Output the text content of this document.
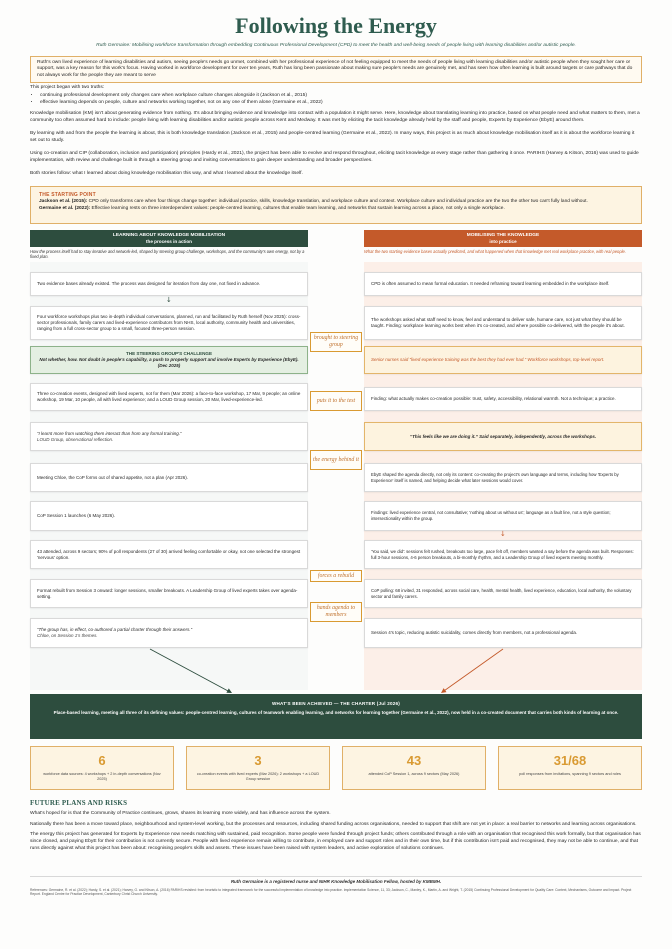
Following the Energy
Ruth Germaine: Mobilising workforce transformation through embedding Continuous Professional Development (CPD) to meet the health and well-being needs of people living with learning disabilities and/or autistic people.
Ruth's own lived experience of learning disabilities and autism, seeing people's needs go unmet, combined with her professional experience of not feeling equipped to meet the needs of people living with learning disabilities and/or autistic people when they sought her care or support, was a key reason for this work's focus. Having worked in workforce development for over ten years, Ruth has long been passionate about making sure people's needs are genuinely met, and has seen how often learning is built around targets or care pathways that do not always work for the people they are meant to serve

This project began with two truths:

• continuing professional development only changes care when workplace culture changes alongside it (Jackson et al., 2015)
• effective learning depends on people, culture and networks working together, not on any one of them alone (Germaine et al., 2022)

Knowledge mobilisation (KM) isn't about generating evidence from nothing. It's about bringing evidence and knowledge into contact with a population it might serve. Here, knowledge about translating learning into practice, based on what people need and what matters to them, met a community too often assumed hard to include: people living with learning disabilities and/or autistic people across Kent and Medway. It was met by eliciting the tacit knowledge already held by the staff and people, Experts by Experience (EbyE) around them.

By learning with and from the people the learning is about, this is both knowledge translation (Jackson et al., 2015) and people-centred learning (Germaine et al., 2022). In many ways, this project is as much about knowledge mobilisation itself as it is about the workforce learning it set out to study.

Using co-creation and CIP (collaboration, inclusion and participation) principles (Hardy et al., 2021), the project has been able to evolve and respond throughout, eliciting tacit knowledge at every stage rather than gathering it once. PARIHS (Harvey & Kitson, 2016) was used to guide implementation, with review and challenge built in through a steering group and inviting conversations to gain deeper understanding and broader perspectives.

Both stories follow: what I learned about doing knowledge mobilisation this way, and what I learned about the knowledge itself.

THE STARTING POINT
Jackson et al. (2015): CPD only transforms care when four things change together: individual practice, skills, knowledge translation, and workplace culture and context. Workplace culture and individual practice are the two the other two can't fully land without.
Germaine et al. (2022): Effective learning rests on three interdependent values: people-centred learning, cultures that enable team learning, and networks that sustain learning across a place, not only a single workplace.
LEARNING ABOUT KNOWLEDGE MOBILISATION
the process in action
MOBILISING THE KNOWLEDGE
into practice
How the process itself had to stay iterative and network-led, shaped by steering group challenge, workshops, and the community's own energy, not by a fixed plan.
What the two starting evidence bases actually predicted, and what happened when that knowledge met real workplace practice, with real people.
Two evidence bases already existed. The process was designed for iteration from day one, not fixed in advance.
↓
Four workforce workshops plus two in-depth individual conversations, planned, run and facilitated by Ruth herself (Nov 2025): cross-sector professionals, family carers and lived-experience contributors from NHS, local authority, community health and universities, ranging from a full cross-sector group to a small, focused three-person session.
THE STEERING GROUP'S CHALLENGE
Not whether, how. Not doubt in people's capability, a push to properly support and involve Experts by Experience (EbyE). (Dec 2025)
Three co-creation events, designed with lived experts, not for them (Mar 2026): a face-to-face workshop, 17 Mar, 9 people; an online workshop, 19 Mar, 10 people, all with lived experience; and a LOUD Group session, 20 Mar, lived-experience-led.
“I learnt more from watching them interact than from any formal training.”
LOUD Group, observational reflection.
Meeting Chloe, the CoP forms out of shared appetite, not a plan (Apr 2026).
CoP Session 1 launches (6 May 2026).
43 attended, across 9 sectors; 90% of poll respondents (27 of 30) arrived feeling comfortable or okay, not one selected the strongest 'nervous' option.
Format rebuilt from Session 3 onward: longer sessions, smaller breakouts. A Leadership Group of lived experts takes over agenda-setting.
“The group has, in effect, co-authored a partial charter through their answers.”
Chloe, on Session 1's themes.
CPD is often assumed to mean formal education. It needed reframing toward learning embedded in the workplace itself.
The workshops asked what staff need to know, feel and understand to deliver safe, humane care, not just what they should be taught. Finding: workplace learning works best when it's co-created, and where possible co-delivered, with the people it's about.
Senior nurses said “lived experience training was the best they had ever had.” Workforce workshops, top-level report.
Finding: what actually makes co-creation possible: trust, safety, accessibility, relational warmth. Not a technique; a practice.
“This feels like we are doing it.” Said separately, independently, across the workshops.
EbyE shaped the agenda directly, not only its content: co-creating the project's own language and terms, including how 'Experts by Experience' itself is named, and helping decide what later sessions would cover.
Findings: lived experience central, not consultative; 'nothing about us without us'; language as a fault line, not a style question; intersectionality within the group.
↓
'You said, we did': sessions felt rushed, breakouts too large, pace felt off, members wanted a say before the agenda was built. Responses: full 3-hour sessions, 4-6 person breakouts, a bi-monthly rhythm, and a Leadership Group of lived experts meeting monthly.
CoP polling: 68 invited, 31 responded, across social care, health, mental health, lived experience, education, local authority, the voluntary sector and family carers.
Session 4's topic, reducing autistic suicidality, comes directly from members, not a professional agenda.
brought to steering group
puts it to the test
the energy behind it
forces a rebuild
hands agenda to members
WHAT'S BEEN ACHIEVED — THE CHARTER (Jul 2026)
Place-based learning, meeting all three of its defining values: people-centred learning, cultures of teamwork enabling learning, and networks for learning together (Germaine et al., 2022), now held in a co-created document that carries both kinds of learning at once.
6
workforce data sources: 4 workshops + 2 in-depth conversations (Nov 2025)
3
co-creation events with lived experts (Mar 2026): 2 workshops + a LOUD Group session
43
attended CoP Session 1, across 9 sectors (May 2026)
31/68
poll responses from invitations, spanning 9 sectors and roles
FUTURE PLANS AND RISKS

What's hoped for is that the Community of Practice continues, grows, shares its learning more widely, and has influence across the system.

Nationally there has been a move toward place, neighbourhood and system-level working, but the processes and resources, including shared funding across organisations, needed to support that shift are not yet in place: a real barrier to networks and learning across organisations.

The energy this project has generated for Experts by Experience now needs matching with sustained, paid recognition. Some people were funded through project funds; others contributed through a role with an organisation that recognised this work formally, but that organisation has since closed, and paying EbyE for their contribution is not currently secure. People with lived experience remain willing to contribute, in employed care and support roles and in their own time, but if this contribution isn't paid and recognised, they may not be able to continue, and that runs directly against what this project has been about: recognising people's skills and assets. These issues have been raised with system leaders, and active exploration of solutions continues.

Ruth Germaine is a registered nurse and NIHR Knowledge Mobilisation Fellow, hosted by KMBMH.
References: Germaine, R. et al. (2022); Hardy, S. et al. (2021); Harvey, G. and Kitson, A. (2016) PARIHS revisited: from heuristic to integrated framework for the successful implementation of knowledge into practice. Implementation Science, 11, 33; Jackson, C., Manley, K., Martin, A. and Wright, T. (2015) Continuing Professional Development for Quality Care: Context, Mechanisms, Outcome and Impact. Project Report. England Centre for Practice Development, Canterbury Christ Church University.
